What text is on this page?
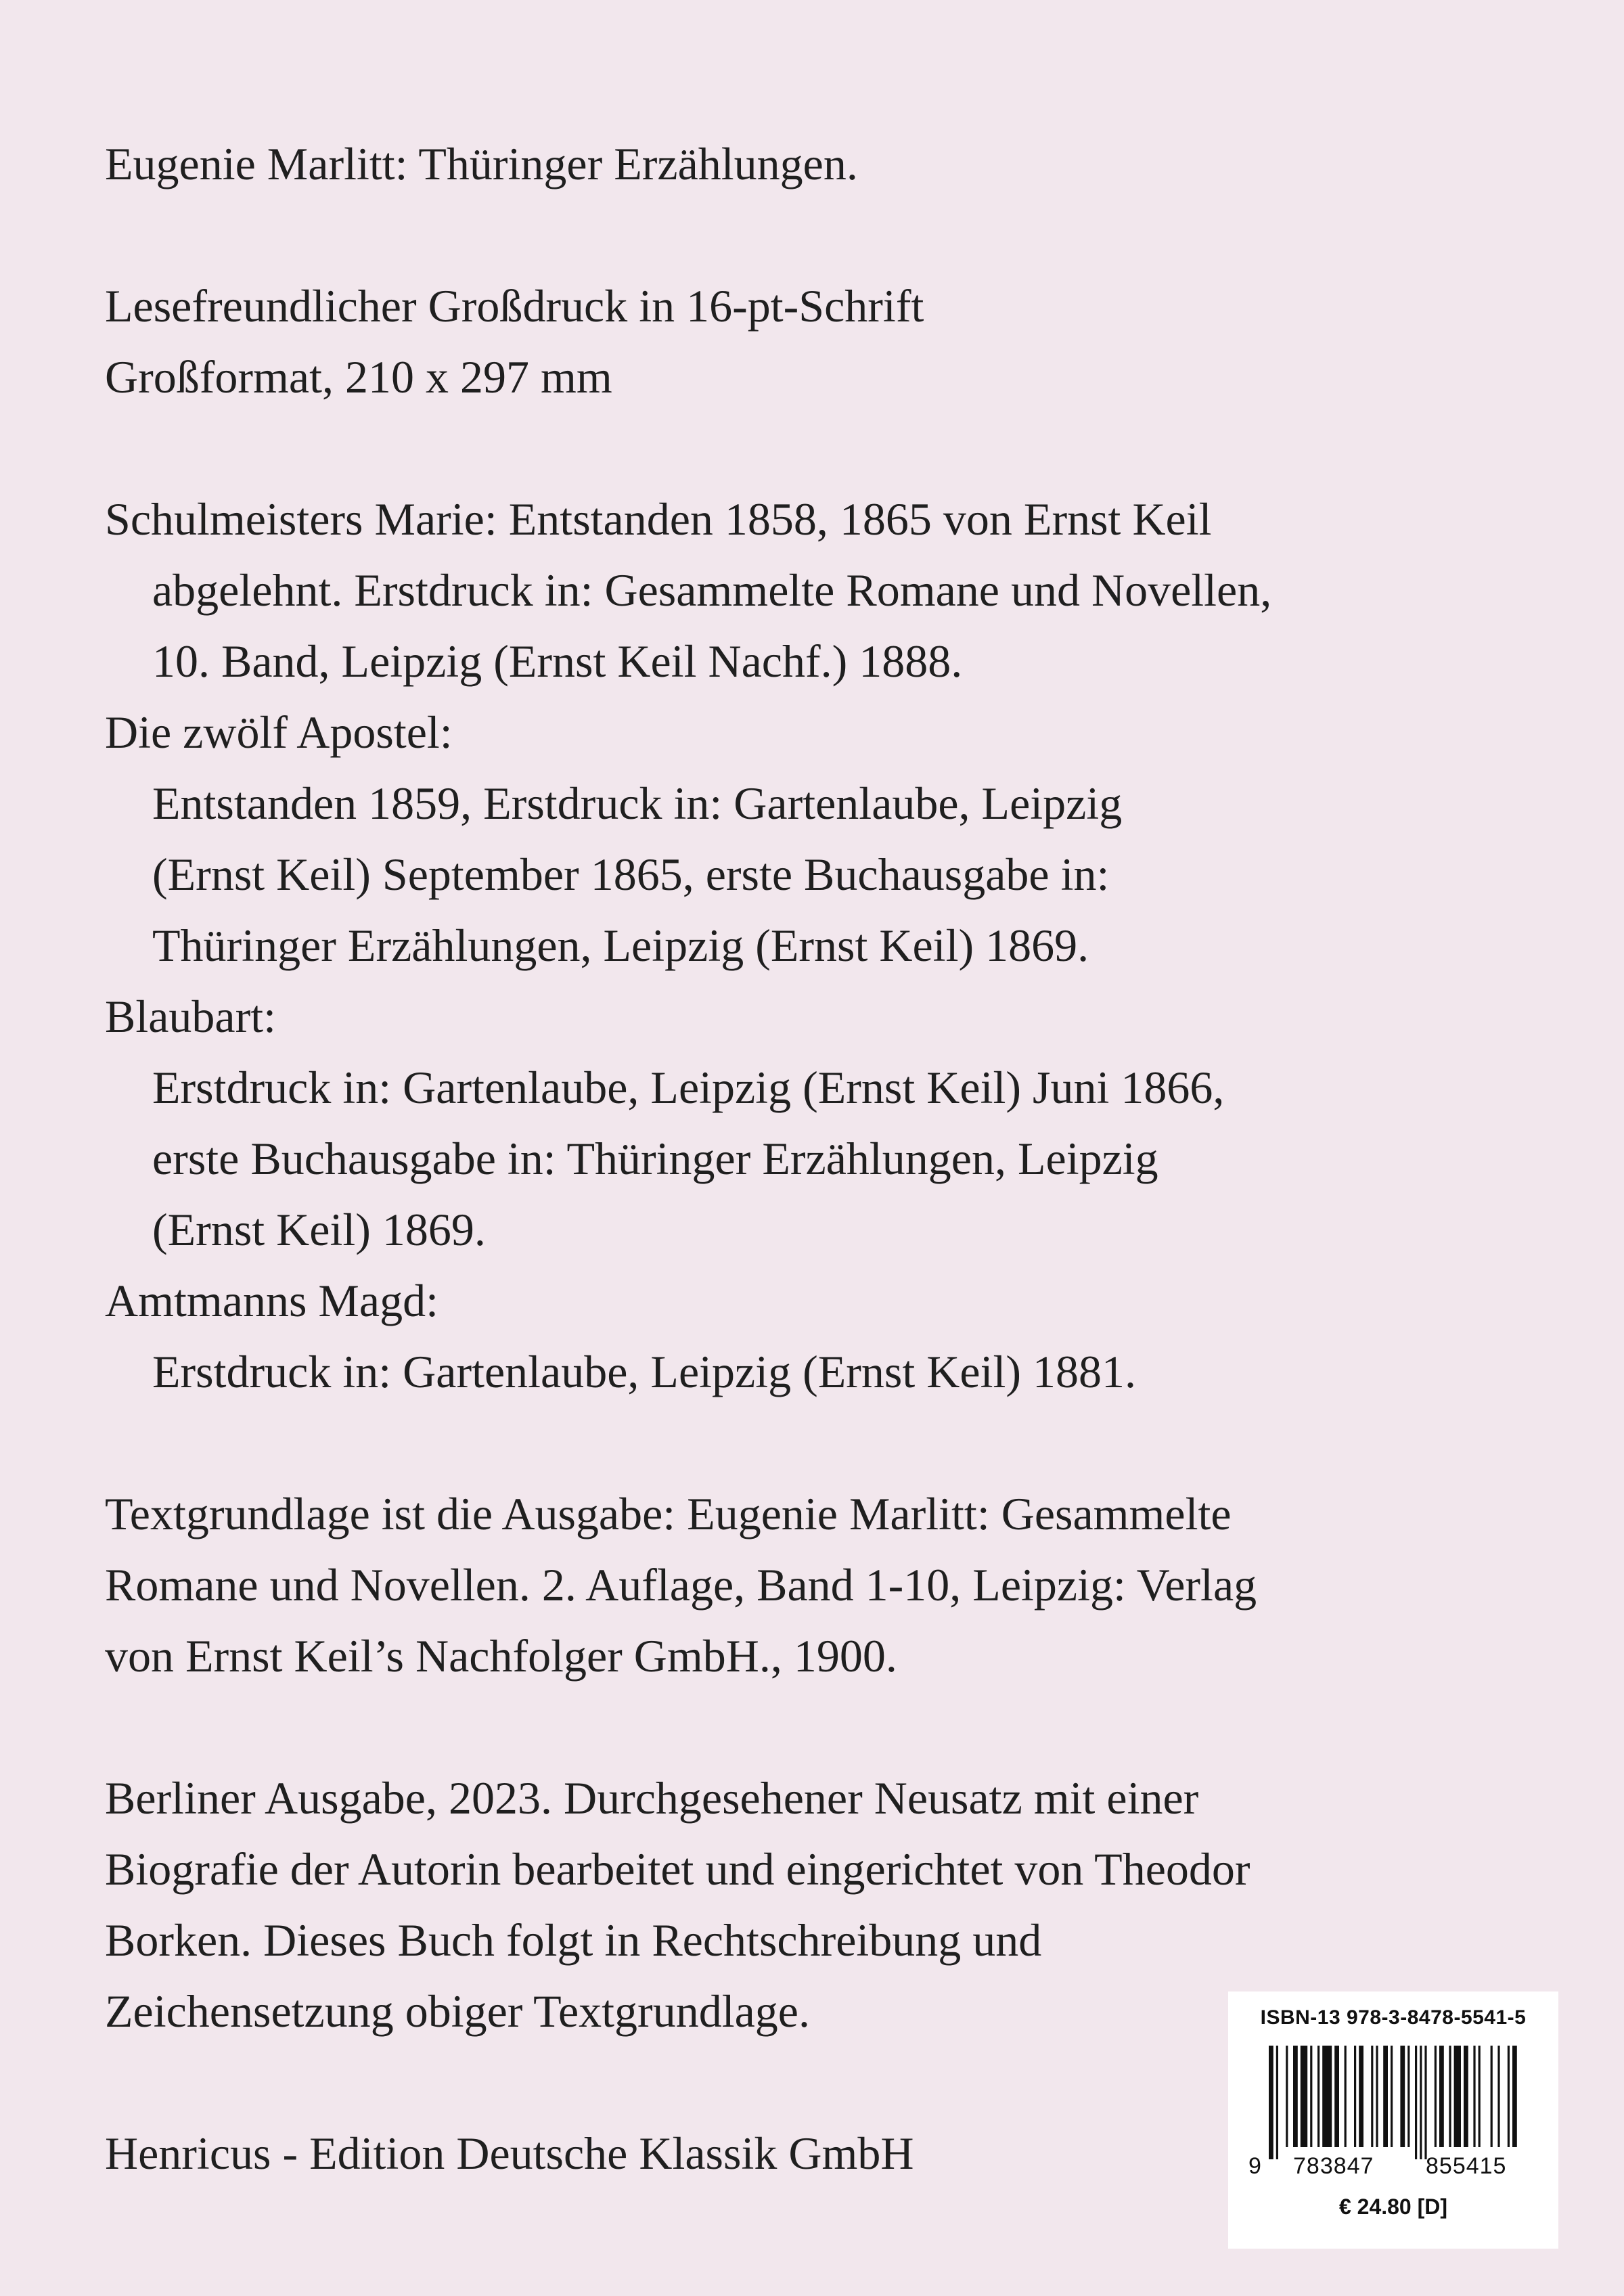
Eugenie Marlitt: Thüringer Erzählungen.

Lesefreundlicher Großdruck in 16-pt-Schrift
Großformat, 210 x 297 mm

Schulmeisters Marie: Entstanden 1858, 1865 von Ernst Keil
abgelehnt. Erstdruck in: Gesammelte Romane und Novellen,
10. Band, Leipzig (Ernst Keil Nachf.) 1888.

Die zwölf Apostel:
Entstanden 1859, Erstdruck in: Gartenlaube, Leipzig
(Ernst Keil) September 1865, erste Buchausgabe in:
Thüringer Erzählungen, Leipzig (Ernst Keil) 1869.

Blaubart:
Erstdruck in: Gartenlaube, Leipzig (Ernst Keil) Juni 1866,
erste Buchausgabe in: Thüringer Erzählungen, Leipzig
(Ernst Keil) 1869.

Amtmanns Magd:
Erstdruck in: Gartenlaube, Leipzig (Ernst Keil) 1881.

Textgrundlage ist die Ausgabe: Eugenie Marlitt: Gesammelte
Romane und Novellen. 2. Auflage, Band 1-10, Leipzig: Verlag
von Ernst Keil’s Nachfolger GmbH., 1900.

Berliner Ausgabe, 2023. Durchgesehener Neusatz mit einer
Biografie der Autorin bearbeitet und eingerichtet von Theodor
Borken. Dieses Buch folgt in Rechtschreibung und
Zeichensetzung obiger Textgrundlage.

Henricus - Edition Deutsche Klassik GmbH

ISBN-13 978-3-8478-5541-5
9 783847 855415
€ 24.80 [D]
